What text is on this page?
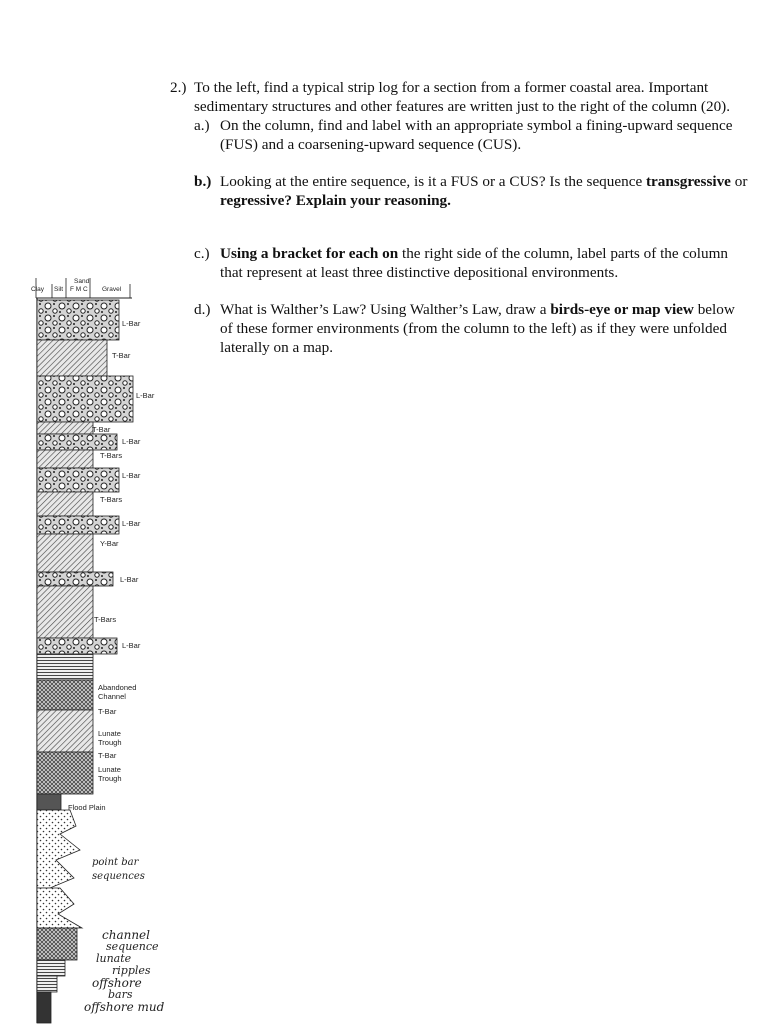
2.) To the left, find a typical strip log for a section from a former coastal area. Important sedimentary structures and other features are written just to the right of the column (20).
a.) On the column, find and label with an appropriate symbol a fining-upward sequence (FUS) and a coarsening-upward sequence (CUS).
b.) Looking at the entire sequence, is it a FUS or a CUS? Is the sequence transgressive or regressive? Explain your reasoning.
c.) Using a bracket for each on the right side of the column, label parts of the column that represent at least three distinctive depositional environments.
d.) What is Walther’s Law? Using Walther’s Law, draw a birds-eye or map view below of these former environments (from the column to the left) as if they were unfolded laterally on a map.
Clay Silt
Sand
F M C Gravel
L-Bar
T-Bar
L-Bar
T-Bar
L-Bar
T-Bars
L-Bar
T-Bars
L-Bar
Y-Bar
L-Bar
T-Bars
L-Bar
Abandoned
Channel
T-Bar
Lunate
Trough
T-Bar
Lunate
Trough
Flood Plain
point bar
sequences
channel
sequence
lunate
ripples
offshore
bars
offshore mud
